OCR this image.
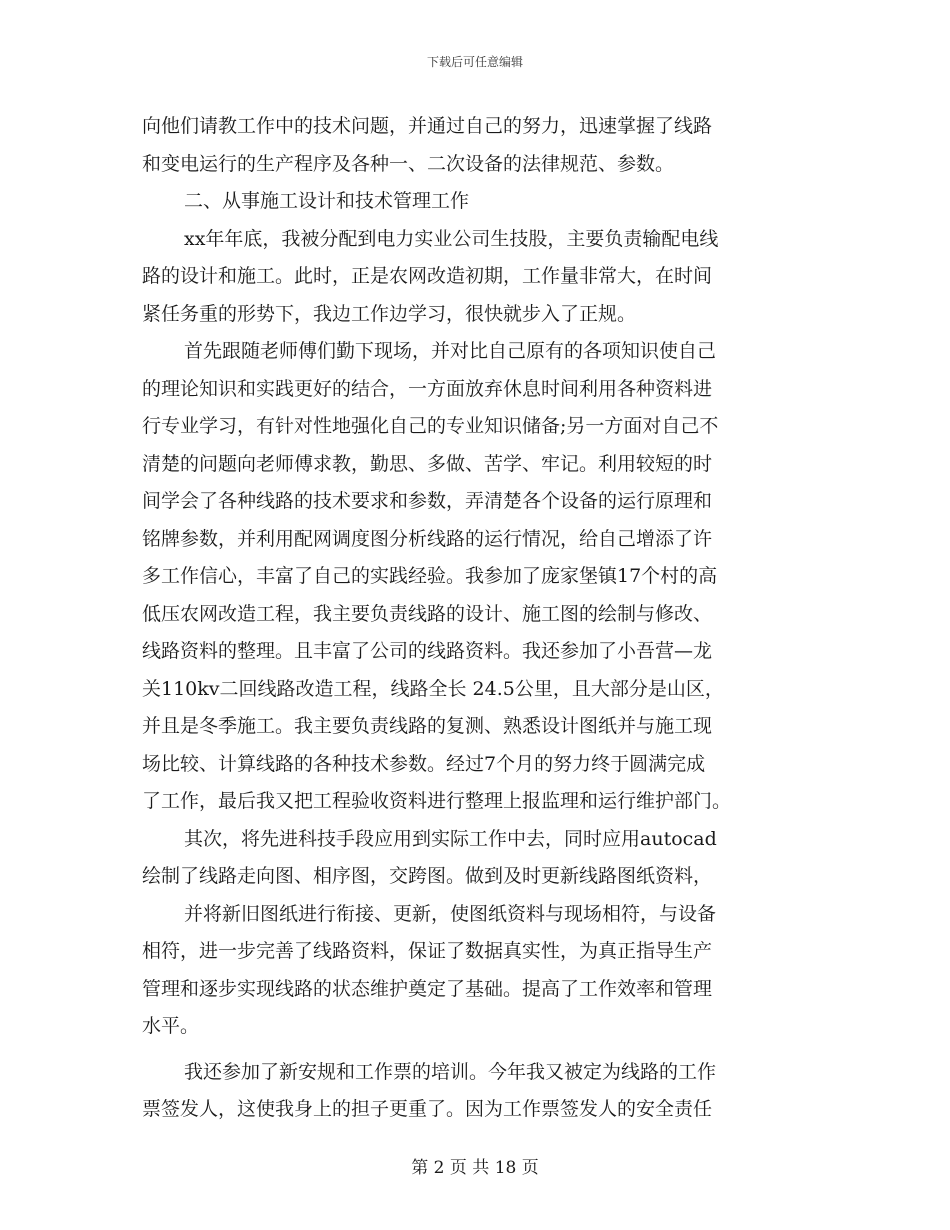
下载后可任意编辑
向他们请教工作中的技术问题，并通过自己的努力，迅速掌握了线路
和变电运行的生产程序及各种一、二次设备的法律规范、参数。
二、从事施工设计和技术管理工作
xx年年底，我被分配到电力实业公司生技股，主要负责输配电线
路的设计和施工。此时，正是农网改造初期，工作量非常大，在时间
紧任务重的形势下，我边工作边学习，很快就步入了正规。
首先跟随老师傅们勤下现场，并对比自己原有的各项知识使自己
的理论知识和实践更好的结合，一方面放弃休息时间利用各种资料进
行专业学习，有针对性地强化自己的专业知识储备;另一方面对自己不
清楚的问题向老师傅求教，勤思、多做、苦学、牢记。利用较短的时
间学会了各种线路的技术要求和参数，弄清楚各个设备的运行原理和
铭牌参数，并利用配网调度图分析线路的运行情况，给自己增添了许
多工作信心，丰富了自己的实践经验。我参加了庞家堡镇17个村的高
低压农网改造工程，我主要负责线路的设计、施工图的绘制与修改、
线路资料的整理。且丰富了公司的线路资料。我还参加了小吾营—龙
关110kv二回线路改造工程，线路全长 24.5公里，且大部分是山区，
并且是冬季施工。我主要负责线路的复测、熟悉设计图纸并与施工现
场比较、计算线路的各种技术参数。经过7个月的努力终于圆满完成
了工作，最后我又把工程验收资料进行整理上报监理和运行维护部门。
其次，将先进科技手段应用到实际工作中去，同时应用autocad
绘制了线路走向图、相序图，交跨图。做到及时更新线路图纸资料，
并将新旧图纸进行衔接、更新，使图纸资料与现场相符，与设备
相符，进一步完善了线路资料，保证了数据真实性，为真正指导生产
管理和逐步实现线路的状态维护奠定了基础。提高了工作效率和管理
水平。
我还参加了新安规和工作票的培训。今年我又被定为线路的工作
票签发人，这使我身上的担子更重了。因为工作票签发人的安全责任
第 2 页 共 18 页
